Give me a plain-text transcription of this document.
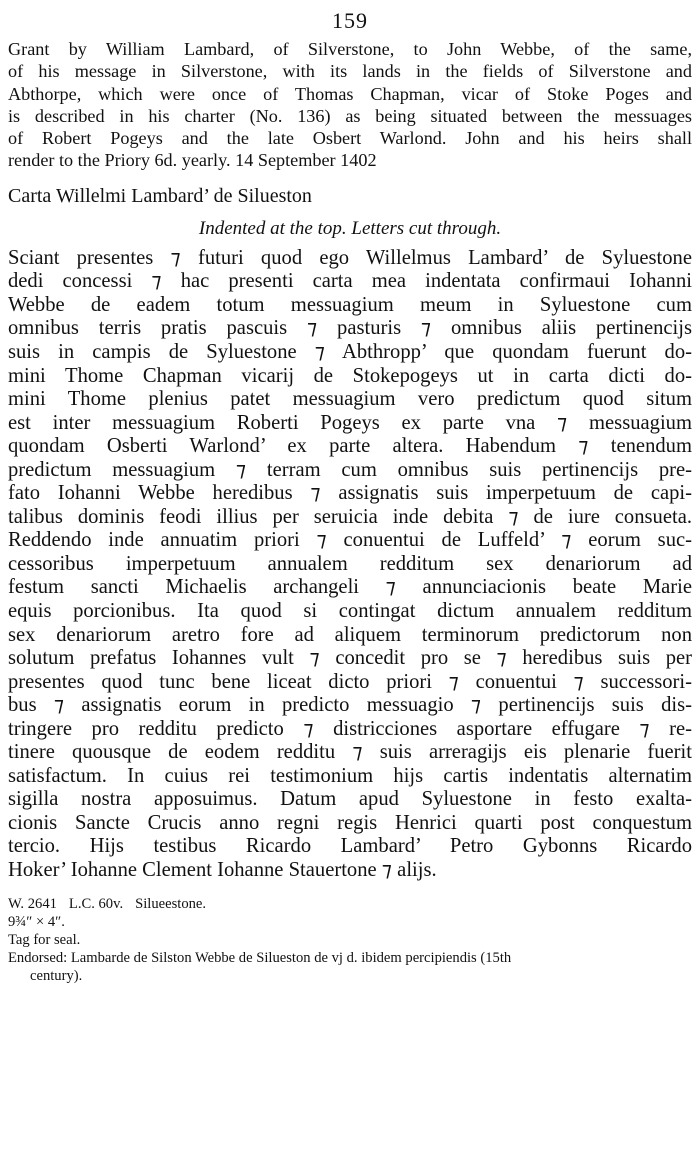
159
Grant by William Lambard, of Silverstone, to John Webbe, of the same,
of his message in Silverstone, with its lands in the fields of Silverstone and
Abthorpe, which were once of Thomas Chapman, vicar of Stoke Poges and
is described in his charter (No. 136) as being situated between the messuages
of Robert Pogeys and the late Osbert Warlond. John and his heirs shall
render to the Priory 6d. yearly. 14 September 1402
Carta Willelmi Lambard’ de Silueston
Indented at the top. Letters cut through.
Sciant presentes ⁊ futuri quod ego Willelmus Lambard’ de Syluestone
dedi concessi ⁊ hac presenti carta mea indentata confirmaui Iohanni
Webbe de eadem totum messuagium meum in Syluestone cum
omnibus terris pratis pascuis ⁊ pasturis ⁊ omnibus aliis pertinencijs
suis in campis de Syluestone ⁊ Abthropp’ que quondam fuerunt do-
mini Thome Chapman vicarij de Stokepogeys ut in carta dicti do-
mini Thome plenius patet messuagium vero predictum quod situm
est inter messuagium Roberti Pogeys ex parte vna ⁊ messuagium
quondam Osberti Warlond’ ex parte altera. Habendum ⁊ tenendum
predictum messuagium ⁊ terram cum omnibus suis pertinencijs pre-
fato Iohanni Webbe heredibus ⁊ assignatis suis imperpetuum de capi-
talibus dominis feodi illius per seruicia inde debita ⁊ de iure consueta.
Reddendo inde annuatim priori ⁊ conuentui de Luffeld’ ⁊ eorum suc-
cessoribus imperpetuum annualem redditum sex denariorum ad
festum sancti Michaelis archangeli ⁊ annunciacionis beate Marie
equis porcionibus. Ita quod si contingat dictum annualem redditum
sex denariorum aretro fore ad aliquem terminorum predictorum non
solutum prefatus Iohannes vult ⁊ concedit pro se ⁊ heredibus suis per
presentes quod tunc bene liceat dicto priori ⁊ conuentui ⁊ successori-
bus ⁊ assignatis eorum in predicto messuagio ⁊ pertinencijs suis dis-
tringere pro redditu predicto ⁊ districciones asportare effugare ⁊ re-
tinere quousque de eodem redditu ⁊ suis arreragijs eis plenarie fuerit
satisfactum. In cuius rei testimonium hijs cartis indentatis alternatim
sigilla nostra apposuimus. Datum apud Syluestone in festo exalta-
cionis Sancte Crucis anno regni regis Henrici quarti post conquestum
tercio. Hijs testibus Ricardo Lambard’ Petro Gybonns Ricardo
Hoker’ Iohanne Clement Iohanne Stauertone ⁊ alijs.
W. 2641 L.C. 60v. Silueestone.
9¾″ × 4″.
Tag for seal.
Endorsed: Lambarde de Silston Webbe de Silueston de vj d. ibidem percipiendis (15th
century).
